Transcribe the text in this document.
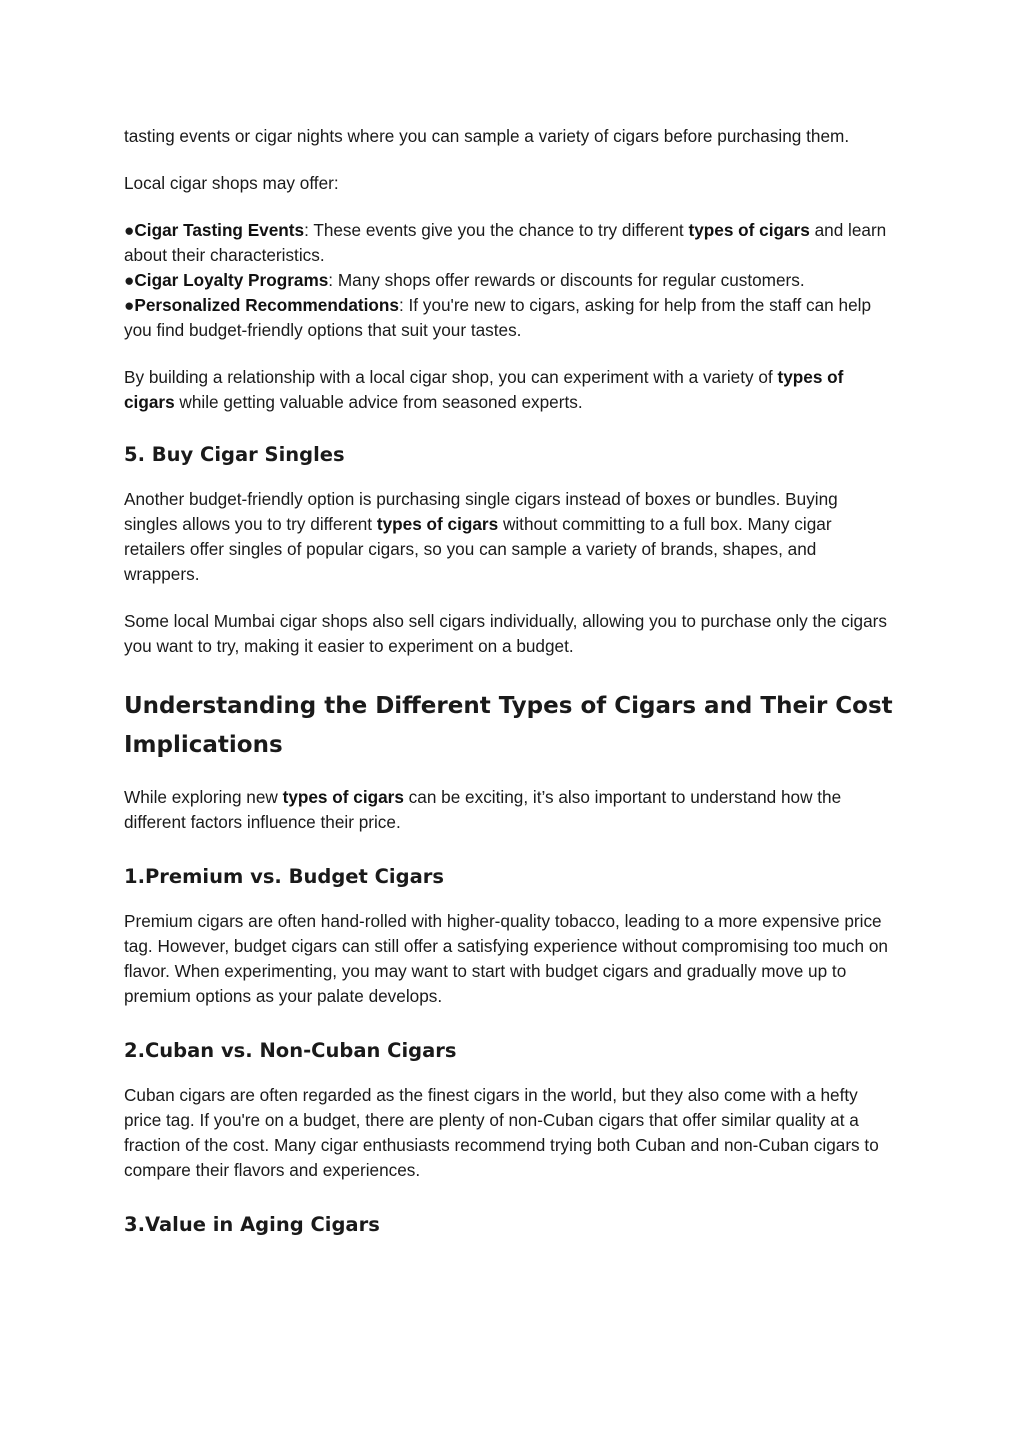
tasting events or cigar nights where you can sample a variety of cigars before purchasing them.

Local cigar shops may offer:

●Cigar Tasting Events: These events give you the chance to try different types of cigars and learn about their characteristics.
●Cigar Loyalty Programs: Many shops offer rewards or discounts for regular customers.
●Personalized Recommendations: If you're new to cigars, asking for help from the staff can help you find budget-friendly options that suit your tastes.

By building a relationship with a local cigar shop, you can experiment with a variety of types of cigars while getting valuable advice from seasoned experts.

5. Buy Cigar Singles

Another budget-friendly option is purchasing single cigars instead of boxes or bundles. Buying singles allows you to try different types of cigars without committing to a full box. Many cigar retailers offer singles of popular cigars, so you can sample a variety of brands, shapes, and wrappers.

Some local Mumbai cigar shops also sell cigars individually, allowing you to purchase only the cigars you want to try, making it easier to experiment on a budget.

Understanding the Different Types of Cigars and Their Cost Implications

While exploring new types of cigars can be exciting, it’s also important to understand how the different factors influence their price.

1.Premium vs. Budget Cigars

Premium cigars are often hand-rolled with higher-quality tobacco, leading to a more expensive price tag. However, budget cigars can still offer a satisfying experience without compromising too much on flavor. When experimenting, you may want to start with budget cigars and gradually move up to premium options as your palate develops.

2.Cuban vs. Non-Cuban Cigars

Cuban cigars are often regarded as the finest cigars in the world, but they also come with a hefty price tag. If you're on a budget, there are plenty of non-Cuban cigars that offer similar quality at a fraction of the cost. Many cigar enthusiasts recommend trying both Cuban and non-Cuban cigars to compare their flavors and experiences.

3.Value in Aging Cigars
